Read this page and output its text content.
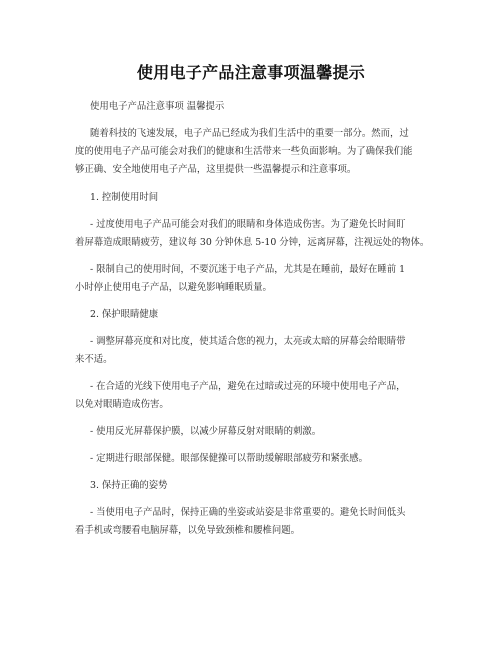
使用电子产品注意事项温馨提示
使用电子产品注意事项 温馨提示
随着科技的飞速发展，电子产品已经成为我们生活中的重要一部分。然而，过
度的使用电子产品可能会对我们的健康和生活带来一些负面影响。为了确保我们能
够正确、安全地使用电子产品，这里提供一些温馨提示和注意事项。
1. 控制使用时间
- 过度使用电子产品可能会对我们的眼睛和身体造成伤害。为了避免长时间盯
着屏幕造成眼睛疲劳，建议每 30 分钟休息 5-10 分钟，远离屏幕，注视远处的物体。
- 限制自己的使用时间，不要沉迷于电子产品，尤其是在睡前，最好在睡前 1
小时停止使用电子产品，以避免影响睡眠质量。
2. 保护眼睛健康
- 调整屏幕亮度和对比度，使其适合您的视力，太亮或太暗的屏幕会给眼睛带
来不适。
- 在合适的光线下使用电子产品，避免在过暗或过亮的环境中使用电子产品，
以免对眼睛造成伤害。
- 使用反光屏幕保护膜，以减少屏幕反射对眼睛的刺激。
- 定期进行眼部保健。眼部保健操可以帮助缓解眼部疲劳和紧张感。
3. 保持正确的姿势
- 当使用电子产品时，保持正确的坐姿或站姿是非常重要的。避免长时间低头
看手机或弯腰看电脑屏幕，以免导致颈椎和腰椎问题。
